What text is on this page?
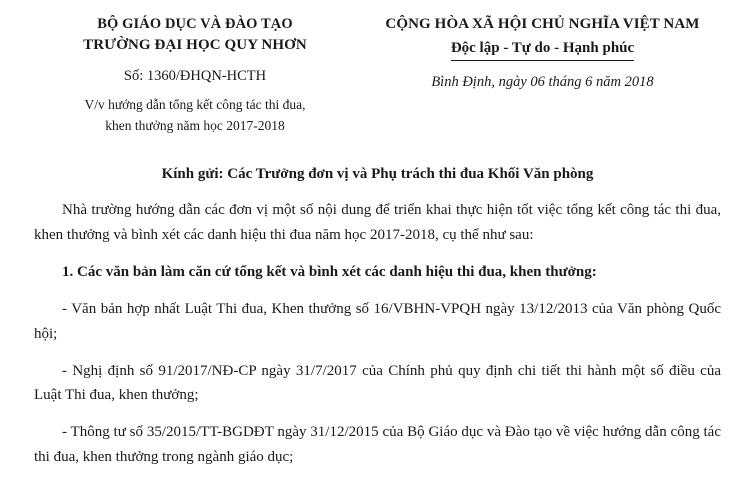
BỘ GIÁO DỤC VÀ ĐÀO TẠO
TRƯỜNG ĐẠI HỌC QUY NHƠN
Số: 1360/ĐHQN-HCTH
V/v hướng dẫn tổng kết công tác thi đua,
khen thưởng năm học 2017-2018
CỘNG HÒA XÃ HỘI CHỦ NGHĨA VIỆT NAM
Độc lập - Tự do - Hạnh phúc
Bình Định, ngày 06 tháng 6 năm 2018
Kính gửi: Các Trưởng đơn vị và Phụ trách thi đua Khối Văn phòng

Nhà trường hướng dẫn các đơn vị một số nội dung để triển khai thực hiện tốt việc tổng kết công tác thi đua, khen thưởng và bình xét các danh hiệu thi đua năm học 2017-2018, cụ thể như sau:

1. Các văn bản làm căn cứ tổng kết và bình xét các danh hiệu thi đua, khen thưởng:

- Văn bản hợp nhất Luật Thi đua, Khen thưởng số 16/VBHN-VPQH ngày 13/12/2013 của Văn phòng Quốc hội;

- Nghị định số 91/2017/NĐ-CP ngày 31/7/2017 của Chính phủ quy định chi tiết thi hành một số điều của Luật Thi đua, khen thưởng;

- Thông tư số 35/2015/TT-BGDĐT ngày 31/12/2015 của Bộ Giáo dục và Đào tạo về việc hướng dẫn công tác thi đua, khen thưởng trong ngành giáo dục;
